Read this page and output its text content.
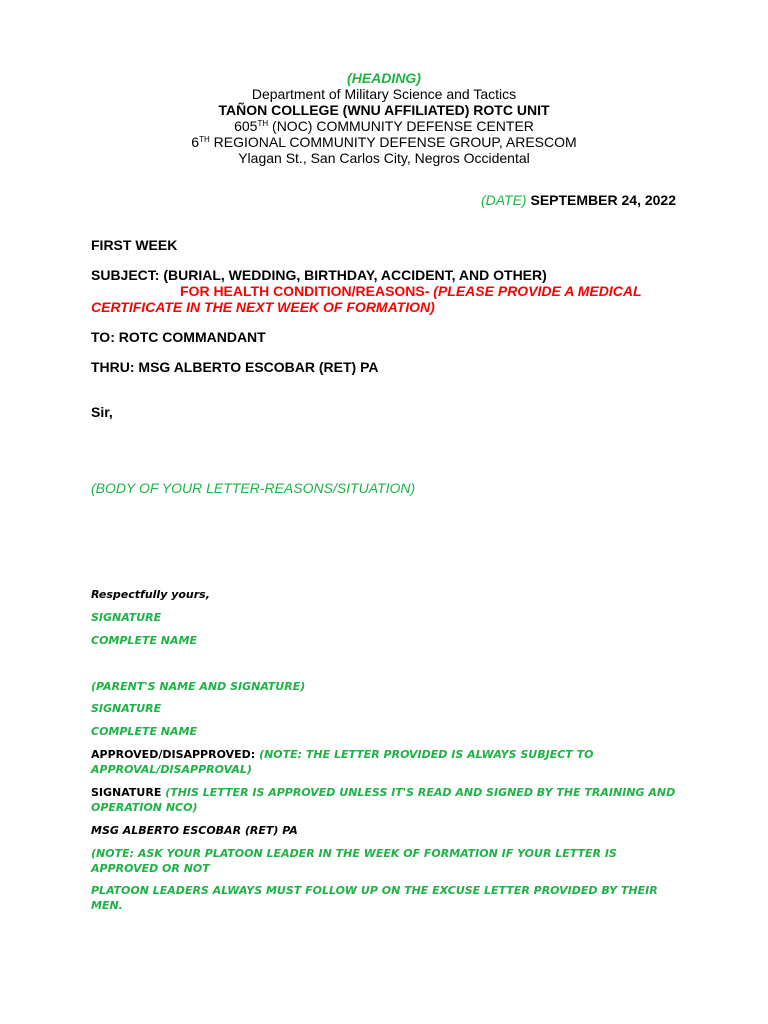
(HEADING)
Department of Military Science and Tactics
TAÑON COLLEGE (WNU AFFILIATED) ROTC UNIT
605TH (NOC) COMMUNITY DEFENSE CENTER
6TH REGIONAL COMMUNITY DEFENSE GROUP, ARESCOM
Ylagan St., San Carlos City, Negros Occidental
(DATE) SEPTEMBER 24, 2022
FIRST WEEK
SUBJECT: (BURIAL, WEDDING, BIRTHDAY, ACCIDENT, AND OTHER)
FOR HEALTH CONDITION/REASONS- (PLEASE PROVIDE A MEDICAL CERTIFICATE IN THE NEXT WEEK OF FORMATION)
TO: ROTC COMMANDANT
THRU: MSG ALBERTO ESCOBAR (RET) PA
Sir,
(BODY OF YOUR LETTER-REASONS/SITUATION)
Respectfully yours,
SIGNATURE
COMPLETE NAME
(PARENT'S NAME AND SIGNATURE)
SIGNATURE
COMPLETE NAME
APPROVED/DISAPPROVED: (NOTE: THE LETTER PROVIDED IS ALWAYS SUBJECT TO APPROVAL/DISAPPROVAL)
SIGNATURE (THIS LETTER IS APPROVED UNLESS IT'S READ AND SIGNED BY THE TRAINING AND OPERATION NCO)
MSG ALBERTO ESCOBAR (RET) PA
(NOTE: ASK YOUR PLATOON LEADER IN THE WEEK OF FORMATION IF YOUR LETTER IS APPROVED OR NOT
PLATOON LEADERS ALWAYS MUST FOLLOW UP ON THE EXCUSE LETTER PROVIDED BY THEIR MEN.
